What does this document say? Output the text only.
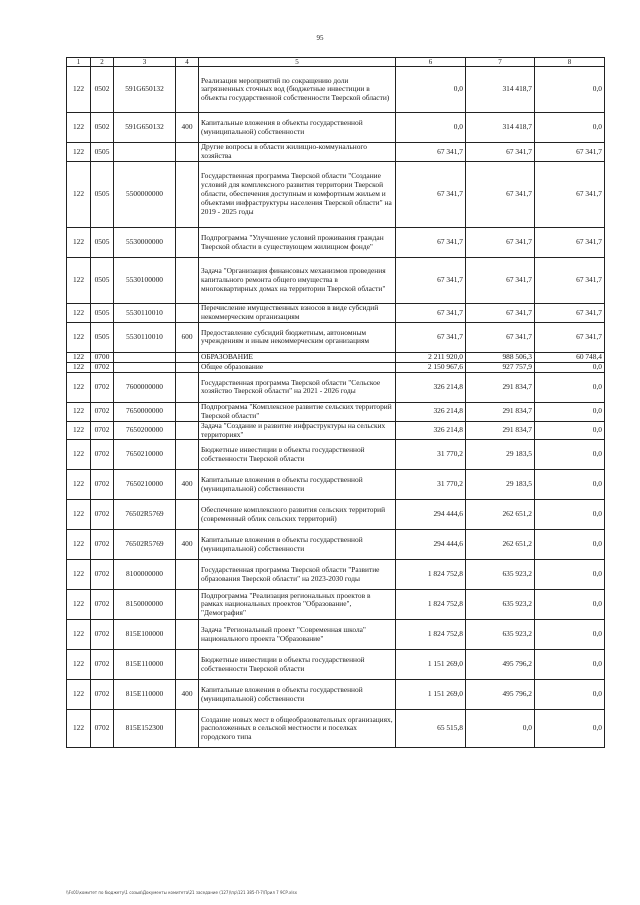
95
1	2	3	4	5	6	7	8
122	0502	591G650132		Реализация мероприятий по сокращению доли загрязненных сточных вод (бюджетные инвестиции в объекты государственной собственности Тверской области)	0,0	314 418,7	0,0
122	0502	591G650132	400	Капитальные вложения в объекты государственной (муниципальной) собственности	0,0	314 418,7	0,0
122	0505			Другие вопросы в области жилищно-коммунального хозяйства	67 341,7	67 341,7	67 341,7
122	0505	5500000000		Государственная программа Тверской области "Создание условий для комплексного развития территории Тверской области, обеспечения доступным и комфортным жильем и объектами инфраструктуры населения Тверской области" на 2019 - 2025 годы	67 341,7	67 341,7	67 341,7
122	0505	5530000000		Подпрограмма "Улучшение условий проживания граждан Тверской области в существующем жилищном фонде"	67 341,7	67 341,7	67 341,7
122	0505	5530100000		Задача "Организация финансовых механизмов проведения капитального ремонта общего имущества в многоквартирных домах на территории Тверской области"	67 341,7	67 341,7	67 341,7
122	0505	5530110010		Перечисление имущественных взносов в виде субсидий некоммерческим организациям	67 341,7	67 341,7	67 341,7
122	0505	5530110010	600	Предоставление субсидий бюджетным, автономным учреждениям и иным некоммерческим организациям	67 341,7	67 341,7	67 341,7
122	0700			ОБРАЗОВАНИЕ	2 211 920,0	988 506,3	60 748,4
122	0702			Общее образование	2 150 967,6	927 757,9	0,0
122	0702	7600000000		Государственная программа Тверской области "Сельское хозяйство Тверской области" на 2021 - 2026 годы	326 214,8	291 834,7	0,0
122	0702	7650000000		Подпрограмма "Комплексное развитие сельских территорий Тверской области"	326 214,8	291 834,7	0,0
122	0702	7650200000		Задача "Создание и развитие инфраструктуры на сельских территориях"	326 214,8	291 834,7	0,0
122	0702	7650210000		Бюджетные инвестиции в объекты государственной собственности Тверской области	31 770,2	29 183,5	0,0
122	0702	7650210000	400	Капитальные вложения в объекты государственной (муниципальной) собственности	31 770,2	29 183,5	0,0
122	0702	76502R5769		Обеспечение комплексного развития сельских территорий (современный облик сельских территорий)	294 444,6	262 651,2	0,0
122	0702	76502R5769	400	Капитальные вложения в объекты государственной (муниципальной) собственности	294 444,6	262 651,2	0,0
122	0702	8100000000		Государственная программа Тверской области "Развитие образования Тверской области" на 2023-2030 годы	1 824 752,8	635 923,2	0,0
122	0702	8150000000		Подпрограмма "Реализация региональных проектов в рамках национальных проектов "Образование", "Демография"	1 824 752,8	635 923,2	0,0
122	0702	815E100000		Задача "Региональный проект "Современная школа" национального проекта "Образование"	1 824 752,8	635 923,2	0,0
122	0702	815E110000		Бюджетные инвестиции в объекты государственной собственности Тверской области	1 151 269,0	495 796,2	0,0
122	0702	815E110000	400	Капитальные вложения в объекты государственной (муниципальной) собственности	1 151 269,0	495 796,2	0,0
122	0702	815E152300		Создание новых мест в общеобразовательных организациях, расположенных в сельской местности и поселках городского типа	65 515,8	0,0	0,0
\\Fs01\комитет по бюджету\1 созыв\Документы комитета\21 заседание (127)\пр\121 385-П-7\Прил 7 9СР.xlsx
